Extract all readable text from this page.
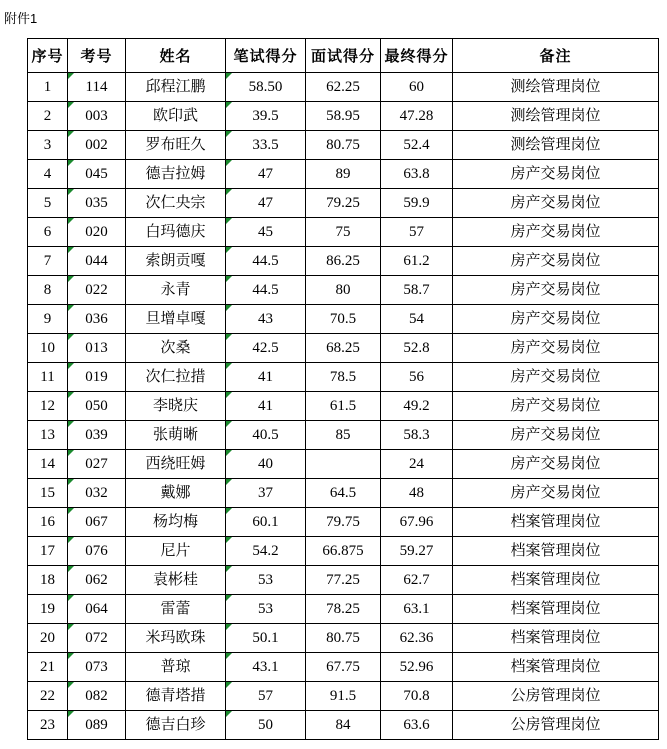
附件1
序号	考号	姓名	笔试得分	面试得分	最终得分	备注
1	114	邱程江鹏	58.50	62.25	60	测绘管理岗位
2	003	欧印武	39.5	58.95	47.28	测绘管理岗位
3	002	罗布旺久	33.5	80.75	52.4	测绘管理岗位
4	045	德吉拉姆	47	89	63.8	房产交易岗位
5	035	次仁央宗	47	79.25	59.9	房产交易岗位
6	020	白玛德庆	45	75	57	房产交易岗位
7	044	索朗贡嘎	44.5	86.25	61.2	房产交易岗位
8	022	永青	44.5	80	58.7	房产交易岗位
9	036	旦增卓嘎	43	70.5	54	房产交易岗位
10	013	次桑	42.5	68.25	52.8	房产交易岗位
11	019	次仁拉措	41	78.5	56	房产交易岗位
12	050	李晓庆	41	61.5	49.2	房产交易岗位
13	039	张萌晰	40.5	85	58.3	房产交易岗位
14	027	西绕旺姆	40		24	房产交易岗位
15	032	戴娜	37	64.5	48	房产交易岗位
16	067	杨均梅	60.1	79.75	67.96	档案管理岗位
17	076	尼片	54.2	66.875	59.27	档案管理岗位
18	062	袁彬桂	53	77.25	62.7	档案管理岗位
19	064	雷蕾	53	78.25	63.1	档案管理岗位
20	072	米玛欧珠	50.1	80.75	62.36	档案管理岗位
21	073	普琼	43.1	67.75	52.96	档案管理岗位
22	082	德青塔措	57	91.5	70.8	公房管理岗位
23	089	德吉白珍	50	84	63.6	公房管理岗位
